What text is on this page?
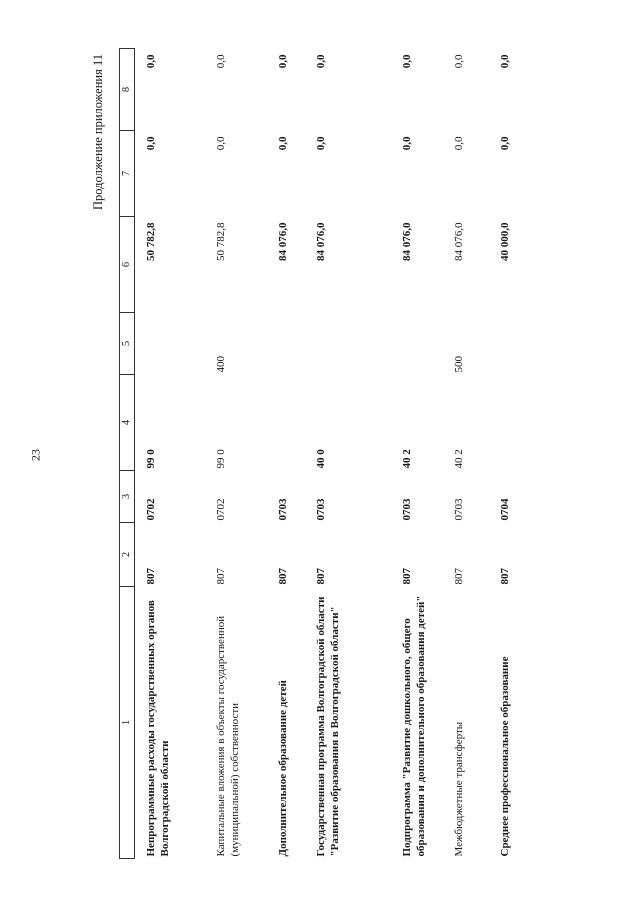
23
Продолжение приложения 11
1	2	3	4	5	6	7	8
Непрограммные расходы государственных органов Волгоградской области	807	0702	99 0		50 782,8	0,0	0,0
Капитальные вложения в объекты государственной (муниципальной) собственности	807	0702	99 0	400	50 782,8	0,0	0,0
Дополнительное образование детей	807	0703			84 076,0	0,0	0,0
Государственная программа Волгоградской области "Развитие образования в Волгоградской области"	807	0703	40 0		84 076,0	0,0	0,0
Подпрограмма "Развитие дошкольного, общего образования и дополнительного образования детей"	807	0703	40 2		84 076,0	0,0	0,0
Межбюджетные трансферты	807	0703	40 2	500	84 076,0	0,0	0,0
Среднее профессиональное образование	807	0704			40 000,0	0,0	0,0
